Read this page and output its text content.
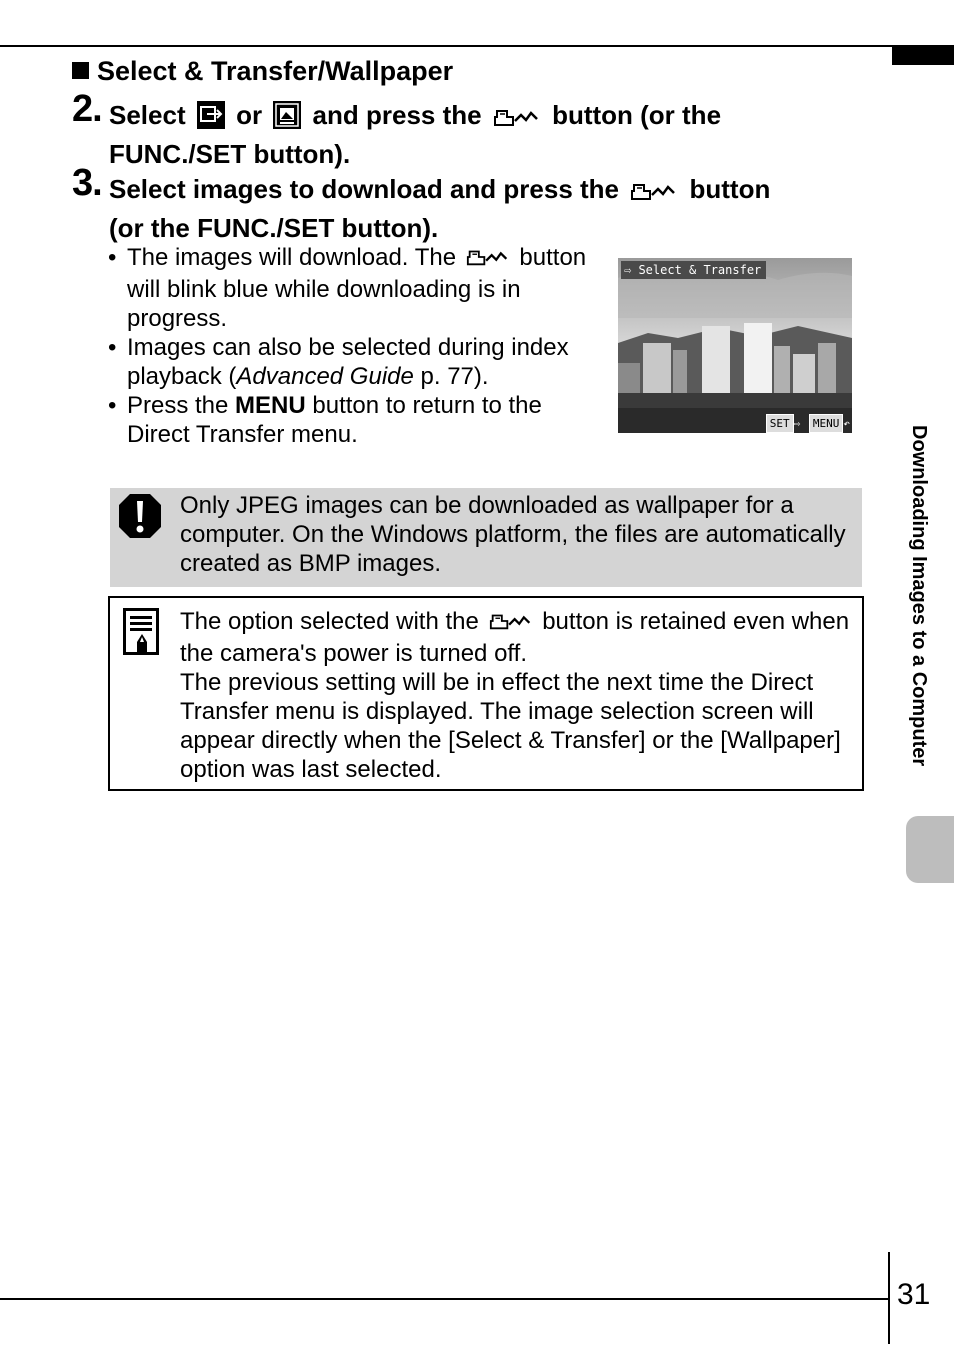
Select & Transfer/Wallpaper
2. Select or and press the	button (or the
FUNC./SET button).
3. Select images to download and press the	button
(or the FUNC./SET button).
• The images will download. The	button will blink blue while downloading is in progress.
• Images can also be selected during index playback (Advanced Guide p. 77).
• Press the MENU button to return to the Direct Transfer menu.
⇨ Select & Transfer
SET ⇨ MENU ↶
Only JPEG images can be downloaded as wallpaper for a computer. On the Windows platform, the files are automatically created as BMP images.
The option selected with the	button is retained even when the camera's power is turned off.
The previous setting will be in effect the next time the Direct Transfer menu is displayed. The image selection screen will appear directly when the [Select & Transfer] or the [Wallpaper] option was last selected.
Downloading Images to a Computer
31
